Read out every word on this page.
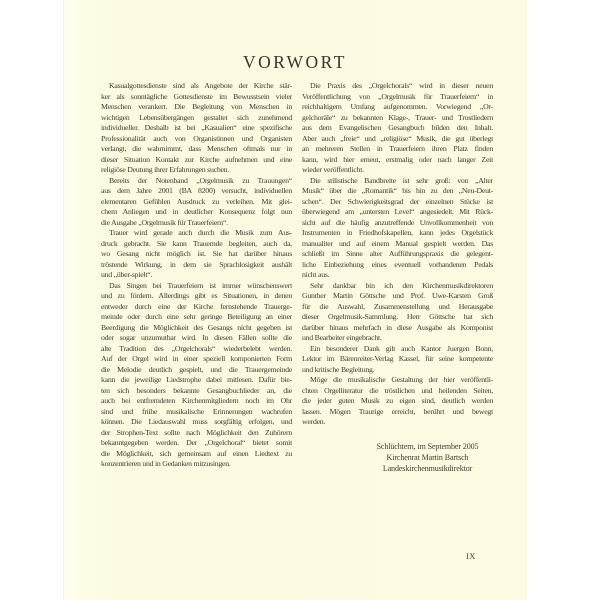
VORWORT
Kasualgottesdienste sind als Angebote der Kirche stär-
ker als sonntägliche Gottesdienste im Bewusstsein vieler
Menschen verankert. Die Begleitung von Menschen in
wichtigen Lebensübergängen gestaltet sich zunehmend
individueller. Deshalb ist bei „Kasualien“ eine spezifische
Professionalität auch von Organistinnen und Organisten
verlangt, die wahrnimmt, dass Menschen oftmals nur in
dieser Situation Kontakt zur Kirche aufnehmen und eine
religiöse Deutung ihrer Erfahrungen suchen.
Bereits der Notenband „Orgelmusik zu Trauungen“
aus dem Jahre 2001 (BA 8200) versucht, individuellen
elementaren Gefühlen Ausdruck zu verleihen. Mit glei-
chem Anliegen und in deutlicher Konsequenz folgt nun
die Ausgabe „Orgelmusik für Trauerfeiern“.
Trauer wird gerade auch durch die Musik zum Aus-
druck gebracht. Sie kann Trauernde begleiten, auch da,
wo Gesang nicht möglich ist. Sie hat darüber hinaus
tröstende Wirkung, in dem sie Sprachlosigkeit aushält
und „über-spielt“.
Das Singen bei Trauerfeiern ist immer wünschenswert
und zu fördern. Allerdings gibt es Situationen, in denen
entweder durch eine der Kirche fernstehende Trauerge-
meinde oder durch eine sehr geringe Beteiligung an einer
Beerdigung die Möglichkeit des Gesangs nicht gegeben ist
oder sogar unzumutbar wird. In diesen Fällen sollte die
alte Tradition des „Orgelchorals“ wiederbelebt werden.
Auf der Orgel wird in einer speziell komponierten Form
die Melodie deutlich gespielt, und die Trauergemeinde
kann die jeweilige Liedstrophe dabei mitlesen. Dafür bie-
ten sich besonders bekannte Gesangbuchlieder an, die
auch bei entfremdeten Kirchenmitgliedern noch im Ohr
sind und frühe musikalische Erinnerungen wachrufen
können. Die Liedauswahl muss sorgfältig erfolgen, und
der Strophen-Text sollte nach Möglichkeit den Zuhörern
bekanntgegeben werden. Der „Orgelchoral“ bietet somit
die Möglichkeit, sich gemeinsam auf einen Liedtext zu
konzentrieren und in Gedanken mitzusingen.
Die Praxis des „Orgelchorals“ wird in dieser neuen
Veröffentlichung von „Orgelmusik für Trauerfeiern“ in
reichhaltigem Umfang aufgenommen. Vorwiegend „Or-
gelchoräle“ zu bekannten Klage-, Trauer- und Trostliedern
aus dem Evangelischen Gesangbuch bilden den Inhalt.
Aber auch „freie“ und „religiöse“ Musik, die gut überlegt
an mehreren Stellen in Trauerfeiern ihren Platz finden
kann, wird hier erneut, erstmalig oder nach langer Zeit
wieder veröffentlicht.
Die stilistische Bandbreite ist sehr groß: von „Alter
Musik“ über die „Romantik“ bis hin zu den „Neu-Deut-
schen“. Der Schwierigkeitsgrad der einzelnen Stücke ist
überwiegend am „untersten Level“ angesiedelt. Mit Rück-
sicht auf die häufig anzutreffende Unvollkommenheit von
Instrumenten in Friedhofskapellen, kann jedes Orgelstück
manualiter und auf einem Manual gespielt werden. Das
schließt im Sinne alter Aufführungspraxis die gelegent-
liche Einbeziehung eines eventuell vorhandenen Pedals
nicht aus.
Sehr dankbar bin ich den Kirchenmusikdirektoren
Gunther Martin Göttsche und Prof. Uwe-Karsten Groß
für die Auswahl, Zusammenstellung und Herausgabe
dieser Orgelmusik-Sammlung. Herr Göttsche hat sich
darüber hinaus mehrfach in diese Ausgabe als Komponist
und Bearbeiter eingebracht.
Ein besonderer Dank gilt auch Kantor Juergen Bonn,
Lektor im Bärenreiter-Verlag Kassel, für seine kompetente
und kritische Begleitung.
Möge die musikalische Gestaltung der hier veröffentli-
chten Orgelliteratur die tröstlichen und heilenden Seiten,
die jeder guten Musik zu eigen sind, deutlich werden
lassen. Mögen Traurige erreicht, berührt und bewegt
werden.
Schlüchtern, im September 2005
Kirchenrat Martin Bartsch
Landeskirchenmusikdirektor
IX
